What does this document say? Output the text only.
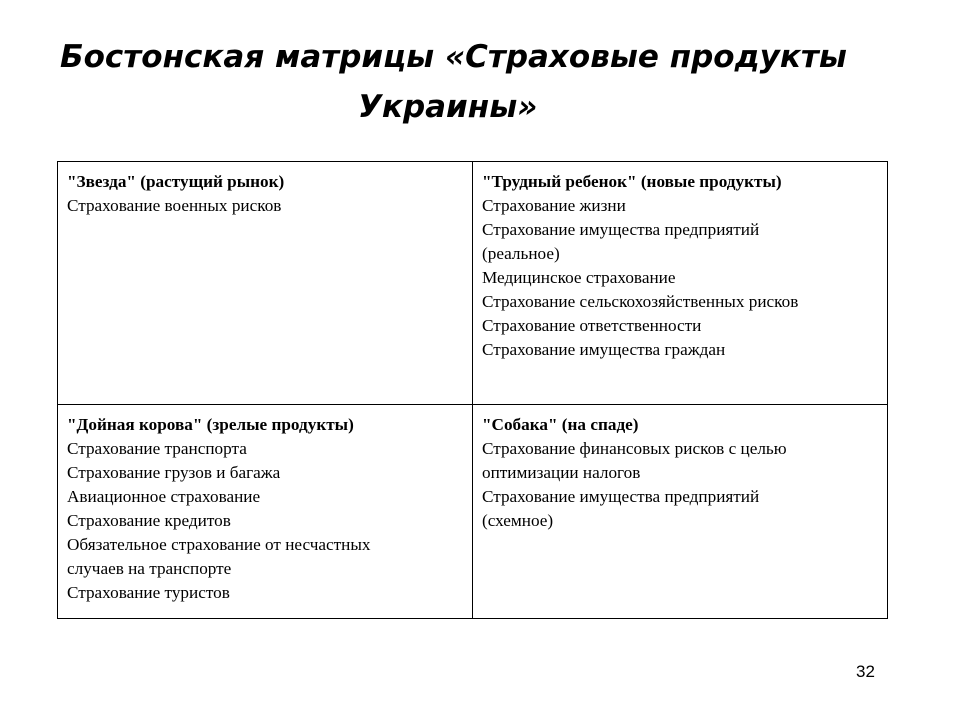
Бостонская матрицы «Страховые продукты
Украины»
"Звезда" (растущий рынок)
Страхование военных рисков
"Трудный ребенок" (новые продукты)
Страхование жизни
Страхование имущества предприятий
(реальное)
Медицинское страхование
Страхование сельскохозяйственных рисков
Страхование ответственности
Страхование имущества граждан
"Дойная корова" (зрелые продукты)
Страхование транспорта
Страхование грузов и багажа
Авиационное страхование
Страхование кредитов
Обязательное страхование от несчастных
случаев на транспорте
Страхование туристов
"Собака" (на спаде)
Страхование финансовых рисков с целью
оптимизации налогов
Страхование имущества предприятий
(схемное)
32
